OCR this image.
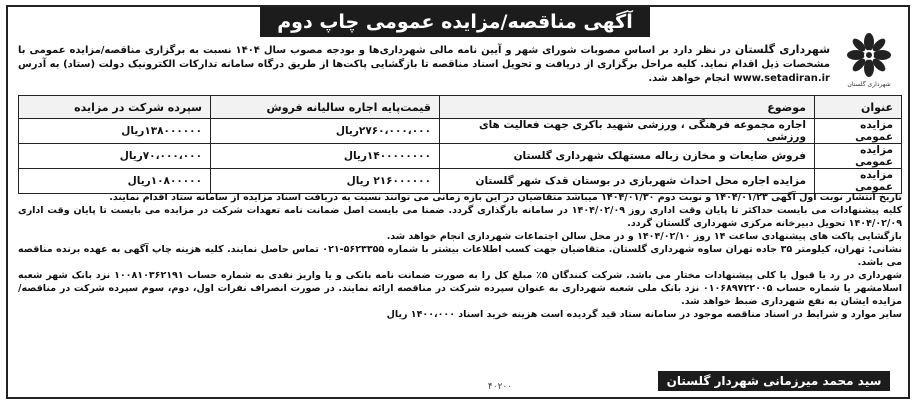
آگهی مناقصه/مزایده عمومی چاپ دوم
شهرداری گلستان
شهرداری گلستان در نظر دارد بر اساس مصوبات شورای شهر و آیین نامه مالی شهرداری‌ها و بودجه مصوب سال ۱۴۰۴ نسبت به برگزاری مناقصه/مزایده عمومی با مشخصات ذیل اقدام نماید. کلیه مراحل برگزاری از دریافت و تحویل اسناد مناقصه تا بازگشایی پاکت‌ها از طریق درگاه سامانه تدارکات الکترونیک دولت (ستاد) به آدرس www.setadiran.ir انجام خواهد شد.
عنوان	موضوع	قیمت‌پایه اجاره سالیانه فروش	سپرده شرکت در مزایده
مزایده عمومی	اجاره مجموعه فرهنگی ، ورزشی شهید باکری جهت فعالیت های ورزشی	۲۷۶۰،۰۰۰،۰۰۰ریال	۱۳۸۰۰۰۰۰۰ریال
مزایده عمومی	فروش ضایعات و مخازن زباله مستهلک شهرداری گلستان	۱۴۰۰۰۰۰۰۰۰ریال	۷۰،۰۰۰،۰۰۰ریال
مزایده عمومی	مزایده اجاره محل احداث شهربازی در بوستان قدک شهر گلستان	۲۱۶۰۰۰۰۰۰ ریال	۱۰۸۰۰۰۰۰ریال

تاریخ انتشار نوبت اول آگهی ۱۴۰۴/۰۱/۲۳ و نوبت دوم ۱۴۰۴/۰۱/۳۰ میباشد متقاضیان در این بازه زمانی می توانند نسبت به دریافت اسناد مزایده از سامانه ستاد اقدام نمایند.

کلیه پیشنهادات می بایست حداکثر تا پایان وقت اداری روز ۱۴۰۴/۰۲/۰۹ در سامانه بارگذاری گردد. ضمنا می بایست اصل ضمانت نامه تعهدات شرکت در مزایده می بایست تا پایان وقت اداری ۱۴۰۴/۰۲/۰۹ تحویل دبیرخانه مرکزی شهرداری گلستان گردد.

بازگشایی پاکت های پیشنهادی ساعت ۱۴ روز ۱۴۰۴/۰۲/۱۰ و در محل سالن اجتماعات شهرداری انجام خواهد شد.

نشانی: تهران، کیلومتر ۳۵ جاده تهران ساوه شهرداری گلستان. متقاضیان جهت کسب اطلاعات بیشتر با شماره ۵۶۲۳۳۵۵-۰۲۱ تماس حاصل نمایند. کلیه هزینه چاپ آگهی به عهده برنده مناقصه می باشد.

شهرداری در رد یا قبول یا کلی پیشنهادات مختار می باشد. شرکت کنندگان ۵٪ مبلغ کل را به صورت ضمانت نامه بانکی و یا واریز نقدی به شماره حساب ۱۰۰۸۱۰۳۶۲۱۹۱ نزد بانک شهر شعبه اسلامشهر یا شماره حساب ۰۱۰۶۸۹۷۲۲۰۰۵ نزد بانک ملی شعبه شهرداری به عنوان سپرده شرکت در مناقصه ارائه نمایند. در صورت انصراف نفرات اول، دوم، سوم سپرده شرکت در مناقصه/مزایده ایشان به نفع شهرداری ضبط خواهد شد.

سایر موارد و شرایط در اسناد مناقصه موجود در سامانه ستاد قید گردیده است هزینه خرید اسناد ۱۴۰۰،۰۰۰ ریال

سید محمد میرزمانی شهردار گلستان
۴۰۲۰۰
